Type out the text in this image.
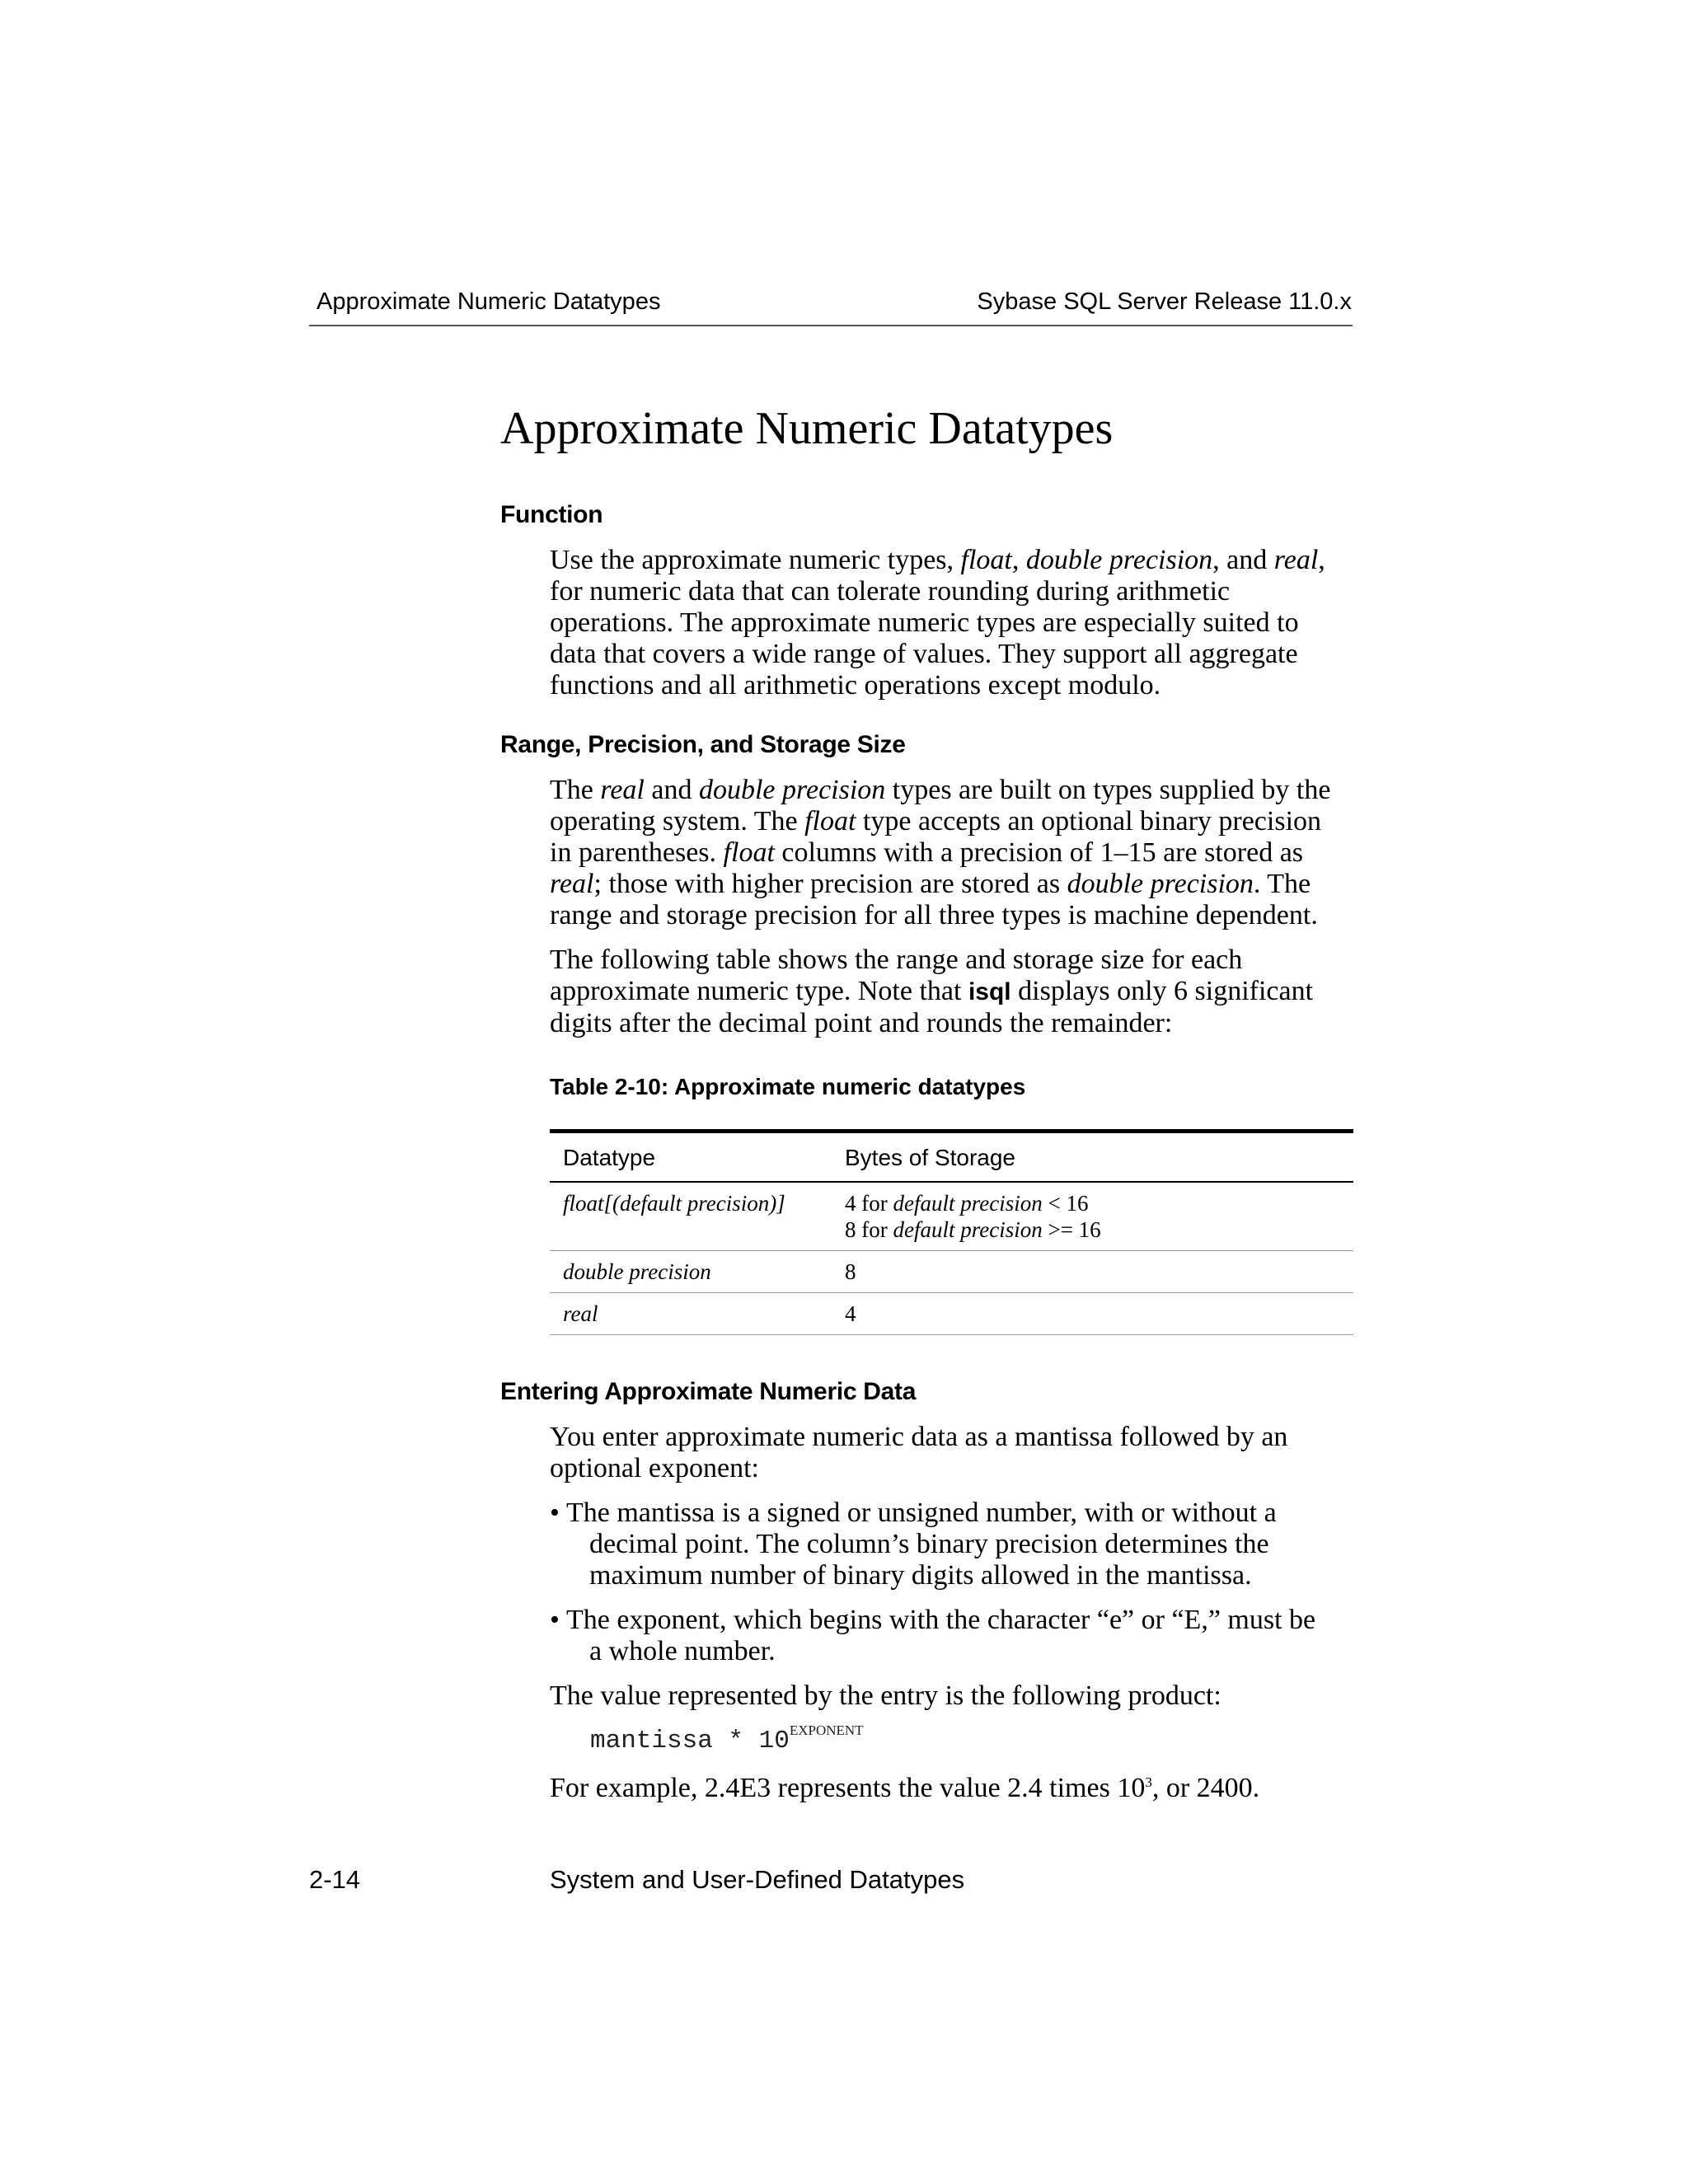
Approximate Numeric Datatypes	Sybase SQL Server Release 11.0.x
Approximate Numeric Datatypes
Function

Use the approximate numeric types, float, double precision, and real,

for numeric data that can tolerate rounding during arithmetic

operations. The approximate numeric types are especially suited to

data that covers a wide range of values. They support all aggregate

functions and all arithmetic operations except modulo.

Range, Precision, and Storage Size

The real and double precision types are built on types supplied by the

operating system. The float type accepts an optional binary precision

in parentheses. float columns with a precision of 1–15 are stored as

real; those with higher precision are stored as double precision. The

range and storage precision for all three types is machine dependent.

The following table shows the range and storage size for each

approximate numeric type. Note that isql displays only 6 significant

digits after the decimal point and rounds the remainder:

Table 2-10: Approximate numeric datatypes
Datatype	Bytes of Storage
float[(default precision)]	4 for default precision < 16
8 for default precision >= 16

double precision	8
real	4
Entering Approximate Numeric Data

You enter approximate numeric data as a mantissa followed by an

optional exponent:

• The mantissa is a signed or unsigned number, with or without a
decimal point. The column’s binary precision determines the
maximum number of binary digits allowed in the mantissa.
• The exponent, which begins with the character “e” or “E,” must be
a whole number.

The value represented by the entry is the following product:

mantissa * $10^{EXPONENT}$

For example, 2.4E3 represents the value 2.4 times $10^3$, or 2400.

2-14	System and User-Defined Datatypes
